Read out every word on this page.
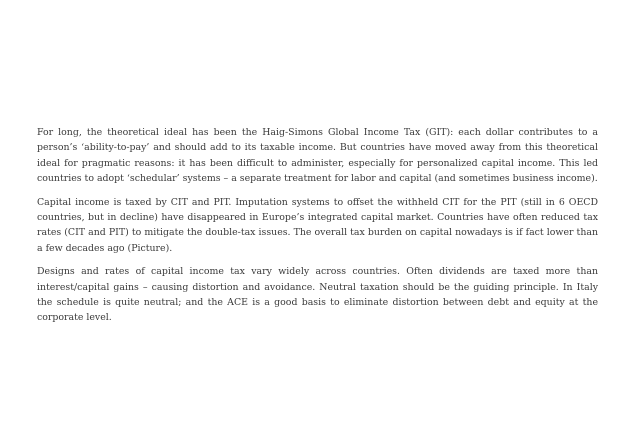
For long, the theoretical ideal has been the Haig-Simons Global Income Tax (GIT): each dollar contributes to a person’s ‘ability-to-pay’ and should add to its taxable income. But countries have moved away from this theoretical ideal for pragmatic reasons: it has been difficult to administer, especially for personalized capital income. This led countries to adopt ‘schedular’ systems – a separate treatment for labor and capital (and sometimes business income).

Capital income is taxed by CIT and PIT. Imputation systems to offset the withheld CIT for the PIT (still in 6 OECD countries, but in decline) have disappeared in Europe’s integrated capital market. Countries have often reduced tax rates (CIT and PIT) to mitigate the double-tax issues. The overall tax burden on capital nowadays is if fact lower than a few decades ago (Picture).

Designs and rates of capital income tax vary widely across countries. Often dividends are taxed more than interest/capital gains – causing distortion and avoidance. Neutral taxation should be the guiding principle. In Italy the schedule is quite neutral; and the ACE is a good basis to eliminate distortion between debt and equity at the corporate level.
